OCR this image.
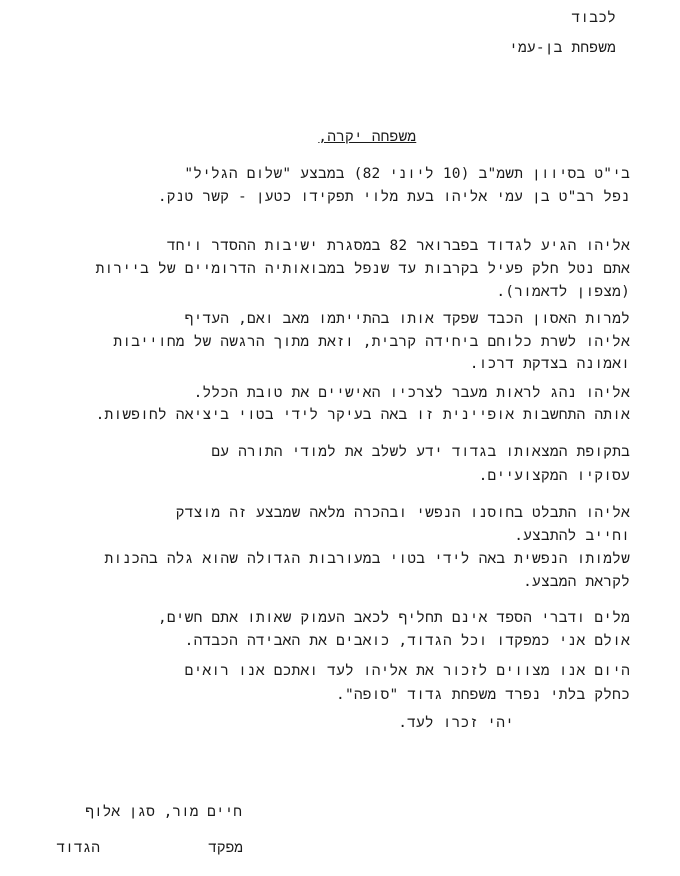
לכבוד
משפחת בן-עמי

משפחה יקרה,

בי"ט בסיוון תשמ"ב (10 ליוני 82) במבצע "שלום הגליל"
נפל רב"ט בן עמי אליהו בעת מלוי תפקידו כטען - קשר טנק.
אליהו הגיע לגדוד בפברואר 82 במסגרת ישיבות ההסדר ויחד
אתם נטל חלק פעיל בקרבות עד שנפל במבואותיה הדרומיים של ביירות
(מצפון לדאמור).
למרות האסון הכבד שפקד אותו בהתייתמו מאב ואם, העדיף
אליהו לשרת כלוחם ביחידה קרבית, וזאת מתוך הרגשה של מחוייבות
ואמונה בצדקת דרכו.
אליהו נהג לראות מעבר לצרכיו האישיים את טובת הכלל.
אותה התחשבות אופיינית זו באה בעיקר לידי בטוי ביציאה לחופשות.
בתקופת המצאותו בגדוד ידע לשלב את למודי התורה עם
עסוקיו המקצועיים.
אליהו התבלט בחוסנו הנפשי ובהכרה מלאה שמבצע זה מוצדק
וחייב להתבצע.
שלמותו הנפשית באה לידי בטוי במעורבות הגדולה שהוא גלה בהכנות
לקראת המבצע.
מלים ודברי הספד אינם תחליף לכאב העמוק שאותו אתם חשים,
אולם אני כמפקדו וכל הגדוד, כואבים את האבידה הכבדה.
היום אנו מצווים לזכור את אליהו לעד ואתכם אנו רואים
כחלק בלתי נפרד משפחת גדוד "סופה".
יהי זכרו לעד.
חיים מור, סגן אלוף
מפקד
הגדוד
